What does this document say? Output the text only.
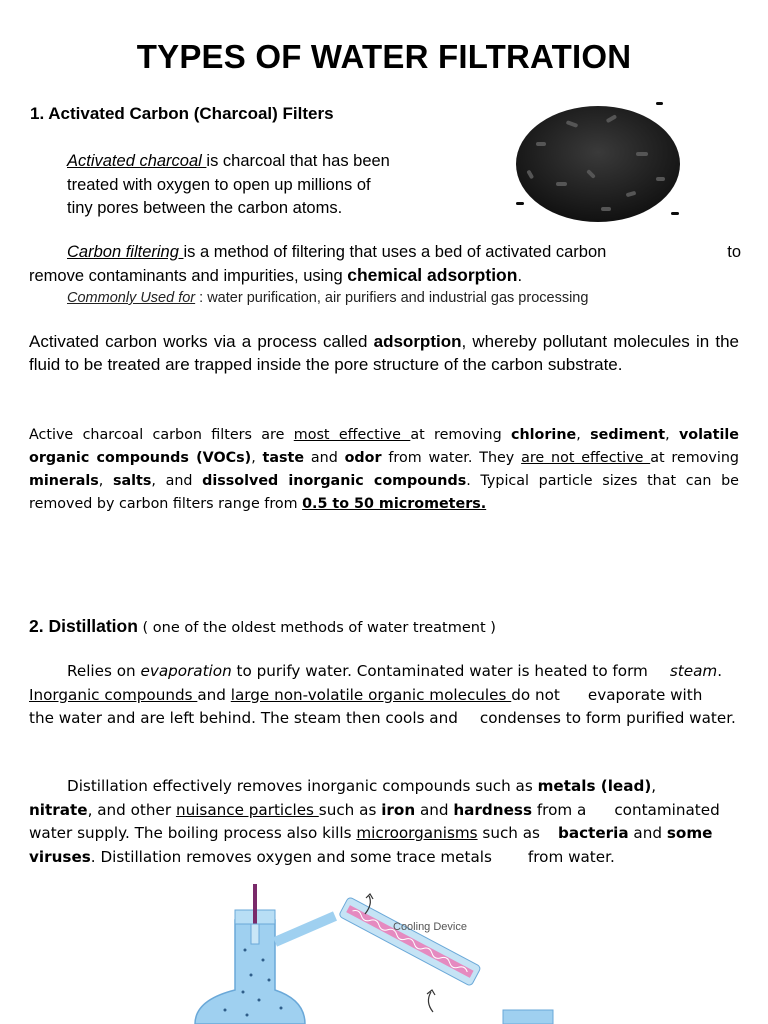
TYPES OF WATER FILTRATION
1. Activated Carbon (Charcoal) Filters
Activated charcoal is charcoal that has been
treated with oxygen to open up millions of
tiny pores between the carbon atoms.
Carbon filtering is a method of filtering that uses a bed of activated carbon	to
remove contaminants and impurities, using chemical adsorption.
Commonly Used for : water purification, air purifiers and industrial gas processing
Activated carbon works via a process called adsorption, whereby pollutant molecules in the fluid to be treated are trapped inside the pore structure of the carbon substrate.
Active charcoal carbon filters are most effective at removing chlorine, sediment, volatile organic compounds (VOCs), taste and odor from water. They are not effective at removing minerals, salts, and dissolved inorganic compounds. Typical particle sizes that can be removed by carbon filters range from 0.5 to 50 micrometers.
2. Distillation ( one of the oldest methods of water treatment )
Relies on evaporation to purify water. Contaminated water is heated to form steam.
Inorganic compounds and large non-volatile organic molecules do not evaporate with
the water and are left behind. The steam then cools and condenses to form purified water.
Distillation effectively removes inorganic compounds such as metals (lead),
nitrate, and other nuisance particles such as iron and hardness from a contaminated
water supply. The boiling process also kills microorganisms such as bacteria and some
viruses. Distillation removes oxygen and some trace metals from water.
Cooling Device
